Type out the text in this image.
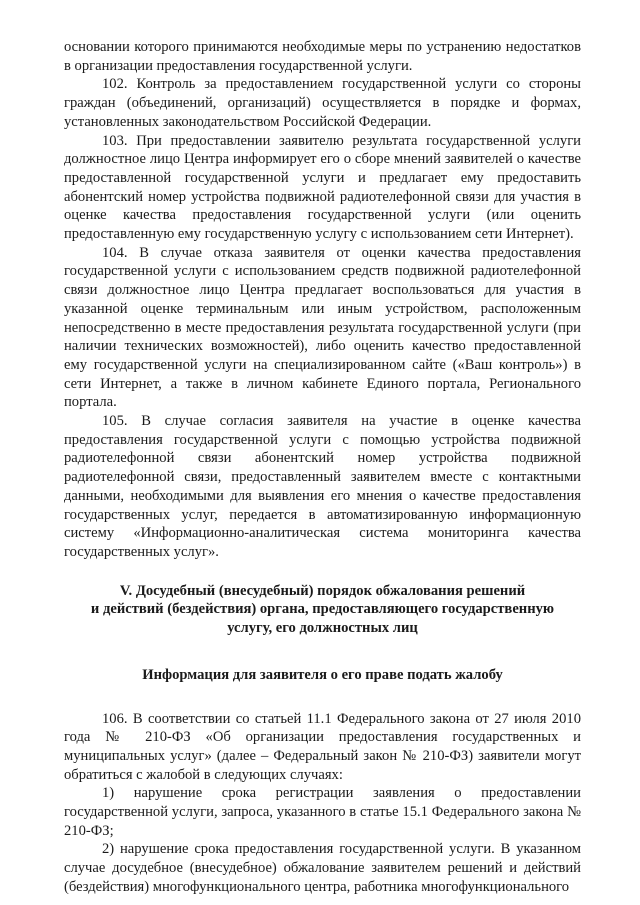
основании которого принимаются необходимые меры по устранению недостатков в организации предоставления государственной услуги.

102. Контроль за предоставлением государственной услуги со стороны граждан (объединений, организаций) осуществляется в порядке и формах, установленных законодательством Российской Федерации.

103. При предоставлении заявителю результата государственной услуги должностное лицо Центра информирует его о сборе мнений заявителей о качестве предоставленной государственной услуги и предлагает ему предоставить абонентский номер устройства подвижной радиотелефонной связи для участия в оценке качества предоставления государственной услуги (или оценить предоставленную ему государственную услугу с использованием сети Интернет).

104. В случае отказа заявителя от оценки качества предоставления государственной услуги с использованием средств подвижной радиотелефонной связи должностное лицо Центра предлагает воспользоваться для участия в указанной оценке терминальным или иным устройством, расположенным непосредственно в месте предоставления результата государственной услуги (при наличии технических возможностей), либо оценить качество предоставленной ему государственной услуги на специализированном сайте («Ваш контроль») в сети Интернет, а также в личном кабинете Единого портала, Регионального портала.

105. В случае согласия заявителя на участие в оценке качества предоставления государственной услуги с помощью устройства подвижной радиотелефонной связи абонентский номер устройства подвижной радиотелефонной связи, предоставленный заявителем вместе с контактными данными, необходимыми для выявления его мнения о качестве предоставления государственных услуг, передается в автоматизированную информационную систему «Информационно-аналитическая система мониторинга качества государственных услуг».

V. Досудебный (внесудебный) порядок обжалования решений
и действий (бездействия) органа, предоставляющего государственную
услугу, его должностных лиц
Информация для заявителя о его праве подать жалобу

106. В соответствии со статьей 11.1 Федерального закона от 27 июля 2010 года № 210-ФЗ «Об организации предоставления государственных и муниципальных услуг» (далее – Федеральный закон № 210-ФЗ) заявители могут обратиться с жалобой в следующих случаях:

1) нарушение срока регистрации заявления о предоставлении государственной услуги, запроса, указанного в статье 15.1 Федерального закона № 210-ФЗ;

2) нарушение срока предоставления государственной услуги. В указанном случае досудебное (внесудебное) обжалование заявителем решений и действий (бездействия) многофункционального центра, работника многофункционального
